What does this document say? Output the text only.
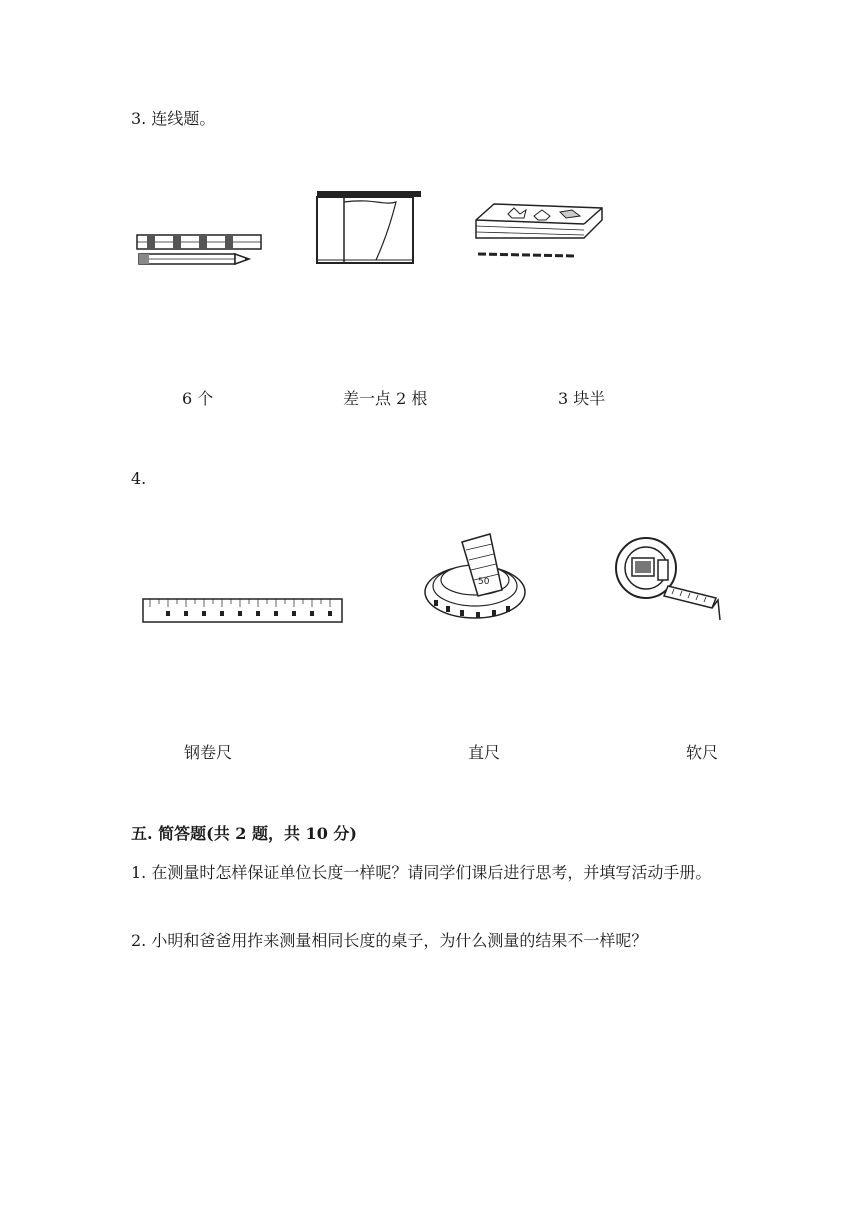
3. 连线题。
6 个	差一点 2 根	3 块半
4.
50
钢卷尺	直尺	软尺
五. 简答题(共 2 题，共 10 分)
1. 在测量时怎样保证单位长度一样呢？请同学们课后进行思考，并填写活动手册。
2. 小明和爸爸用拃来测量相同长度的桌子，为什么测量的结果不一样呢？
